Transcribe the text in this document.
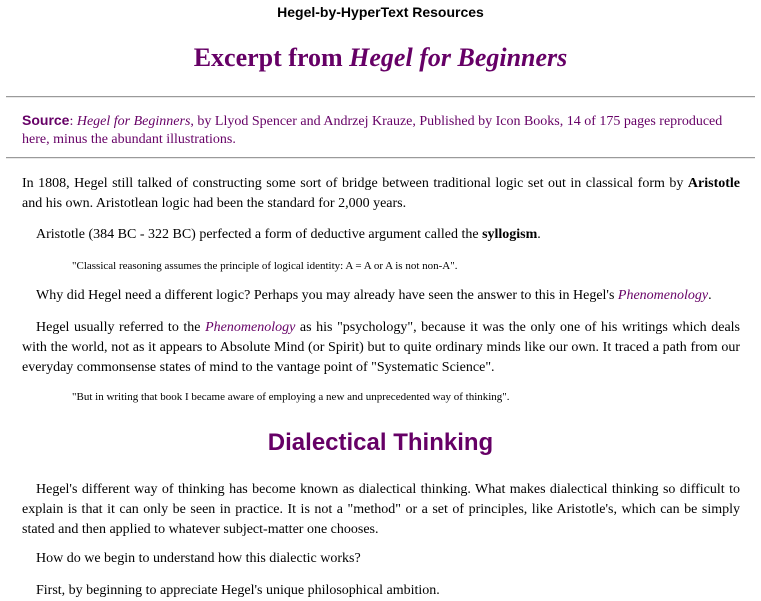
Hegel-by-HyperText Resources
Excerpt from Hegel for Beginners

Source: Hegel for Beginners, by Llyod Spencer and Andrzej Krauze, Published by Icon Books, 14 of 175 pages reproduced here, minus the abundant illustrations.

In 1808, Hegel still talked of constructing some sort of bridge between traditional logic set out in classical form by Aristotle and his own. Aristotlean logic had been the standard for 2,000 years.

Aristotle (384 BC - 322 BC) perfected a form of deductive argument called the syllogism.

"Classical reasoning assumes the principle of logical identity: A = A or A is not non-A".

Why did Hegel need a different logic? Perhaps you may already have seen the answer to this in Hegel's Phenomenology.

Hegel usually referred to the Phenomenology as his "psychology", because it was the only one of his writings which deals with the world, not as it appears to Absolute Mind (or Spirit) but to quite ordinary minds like our own. It traced a path from our everyday commonsense states of mind to the vantage point of "Systematic Science".

"But in writing that book I became aware of employing a new and unprecedented way of thinking".

Dialectical Thinking

Hegel's different way of thinking has become known as dialectical thinking. What makes dialectical thinking so difficult to explain is that it can only be seen in practice. It is not a "method" or a set of principles, like Aristotle's, which can be simply stated and then applied to whatever subject-matter one chooses.

How do we begin to understand how this dialectic works?

First, by beginning to appreciate Hegel's unique philosophical ambition.
